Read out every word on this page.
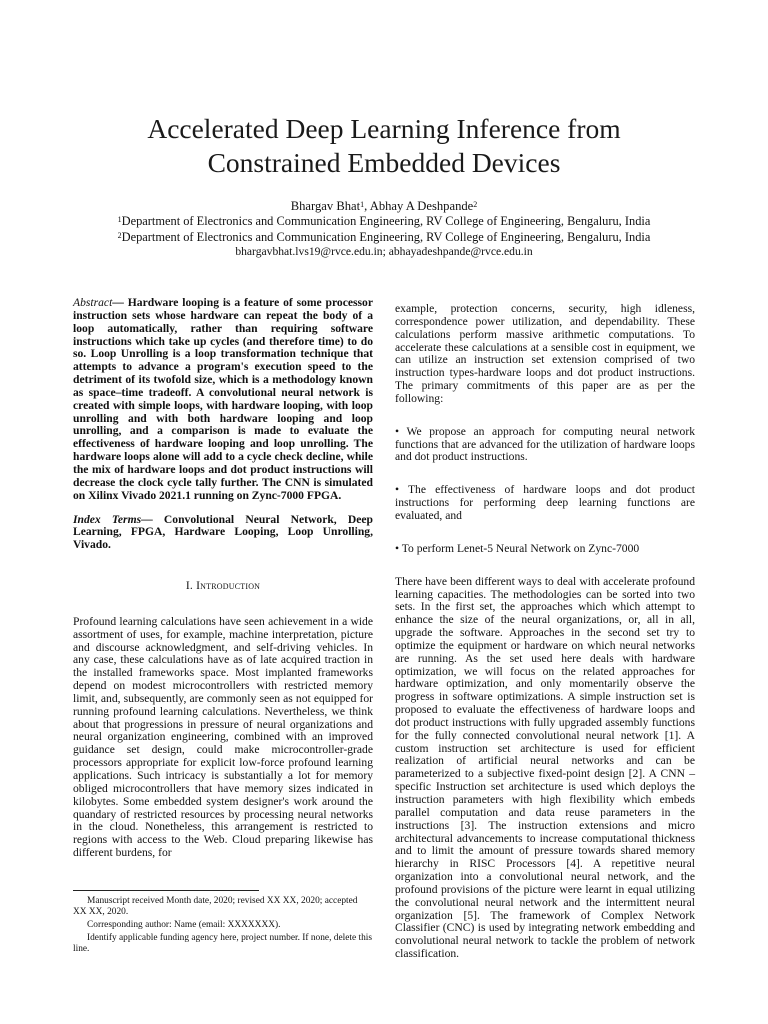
Accelerated Deep Learning Inference from
Constrained Embedded Devices
Bhargav Bhat$^1$, Abhay A Deshpande$^2$
$^1$Department of Electronics and Communication Engineering, RV College of Engineering, Bengaluru, India
$^2$Department of Electronics and Communication Engineering, RV College of Engineering, Bengaluru, India
bhargavbhat.lvs19@rvce.edu.in; abhayadeshpande@rvce.edu.in

Abstract— Hardware looping is a feature of some processor instruction sets whose hardware can repeat the body of a loop automatically, rather than requiring software instructions which take up cycles (and therefore time) to do so. Loop Unrolling is a loop transformation technique that attempts to advance a program's execution speed to the detriment of its twofold size, which is a methodology known as space–time tradeoff. A convolutional neural network is created with simple loops, with hardware looping, with loop unrolling and with both hardware looping and loop unrolling, and a comparison is made to evaluate the effectiveness of hardware looping and loop unrolling. The hardware loops alone will add to a cycle check decline, while the mix of hardware loops and dot product instructions will decrease the clock cycle tally further. The CNN is simulated on Xilinx Vivado 2021.1 running on Zync-7000 FPGA.

Index Terms— Convolutional Neural Network, Deep Learning, FPGA, Hardware Looping, Loop Unrolling, Vivado.

I. Introduction

Profound learning calculations have seen achievement in a wide assortment of uses, for example, machine interpretation, picture and discourse acknowledgment, and self-driving vehicles. In any case, these calculations have as of late acquired traction in the installed frameworks space. Most implanted frameworks depend on modest microcontrollers with restricted memory limit, and, subsequently, are commonly seen as not equipped for running profound learning calculations. Nevertheless, we think about that progressions in pressure of neural organizations and neural organization engineering, combined with an improved guidance set design, could make microcontroller-grade processors appropriate for explicit low-force profound learning applications. Such intricacy is substantially a lot for memory obliged microcontrollers that have memory sizes indicated in kilobytes. Some embedded system designer's work around the quandary of restricted resources by processing neural networks in the cloud. Nonetheless, this arrangement is restricted to regions with access to the Web. Cloud preparing likewise has different burdens, for

example, protection concerns, security, high idleness, correspondence power utilization, and dependability. These calculations perform massive arithmetic computations. To accelerate these calculations at a sensible cost in equipment, we can utilize an instruction set extension comprised of two instruction types-hardware loops and dot product instructions. The primary commitments of this paper are as per the following:

• We propose an approach for computing neural network functions that are advanced for the utilization of hardware loops and dot product instructions.

• The effectiveness of hardware loops and dot product instructions for performing deep learning functions are evaluated, and

• To perform Lenet-5 Neural Network on Zync-7000

There have been different ways to deal with accelerate profound learning capacities. The methodologies can be sorted into two sets. In the first set, the approaches which which attempt to enhance the size of the neural organizations, or, all in all, upgrade the software. Approaches in the second set try to optimize the equipment or hardware on which neural networks are running. As the set used here deals with hardware optimization, we will focus on the related approaches for hardware optimization, and only momentarily observe the progress in software optimizations. A simple instruction set is proposed to evaluate the effectiveness of hardware loops and dot product instructions with fully upgraded assembly functions for the fully connected convolutional neural network [1]. A custom instruction set architecture is used for efficient realization of artificial neural networks and can be parameterized to a subjective fixed-point design [2]. A CNN –specific Instruction set architecture is used which deploys the instruction parameters with high flexibility which embeds parallel computation and data reuse parameters in the instructions [3]. The instruction extensions and micro architectural advancements to increase computational thickness and to limit the amount of pressure towards shared memory hierarchy in RISC Processors [4]. A repetitive neural organization into a convolutional neural network, and the profound provisions of the picture were learnt in equal utilizing the convolutional neural network and the intermittent neural organization [5]. The framework of Complex Network Classifier (CNC) is used by integrating network embedding and convolutional neural network to tackle the problem of network classification.

Manuscript received Month date, 2020; revised XX XX, 2020; accepted XX XX, 2020.

Corresponding author: Name (email: XXXXXXX).

Identify applicable funding agency here, project number. If none, delete this line.
